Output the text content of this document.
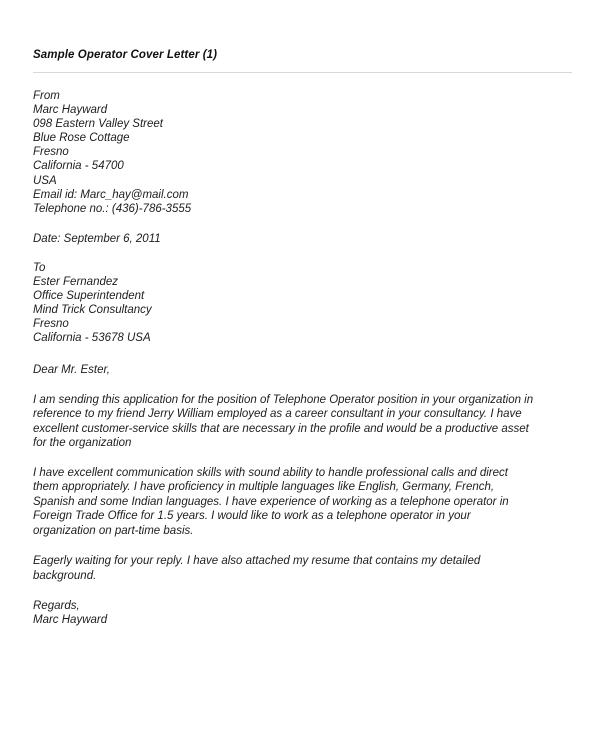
Sample Operator Cover Letter (1)
From
Marc Hayward
098 Eastern Valley Street
Blue Rose Cottage
Fresno
California - 54700
USA
Email id: Marc_hay@mail.com
Telephone no.: (436)-786-3555
Date: September 6, 2011
To
Ester Fernandez
Office Superintendent
Mind Trick Consultancy
Fresno
California - 53678 USA
Dear Mr. Ester,
I am sending this application for the position of Telephone Operator position in your organization in
reference to my friend Jerry William employed as a career consultant in your consultancy. I have
excellent customer-service skills that are necessary in the profile and would be a productive asset
for the organization
I have excellent communication skills with sound ability to handle professional calls and direct
them appropriately. I have proficiency in multiple languages like English, Germany, French,
Spanish and some Indian languages. I have experience of working as a telephone operator in
Foreign Trade Office for 1.5 years. I would like to work as a telephone operator in your
organization on part-time basis.
Eagerly waiting for your reply. I have also attached my resume that contains my detailed
background.
Regards,
Marc Hayward
